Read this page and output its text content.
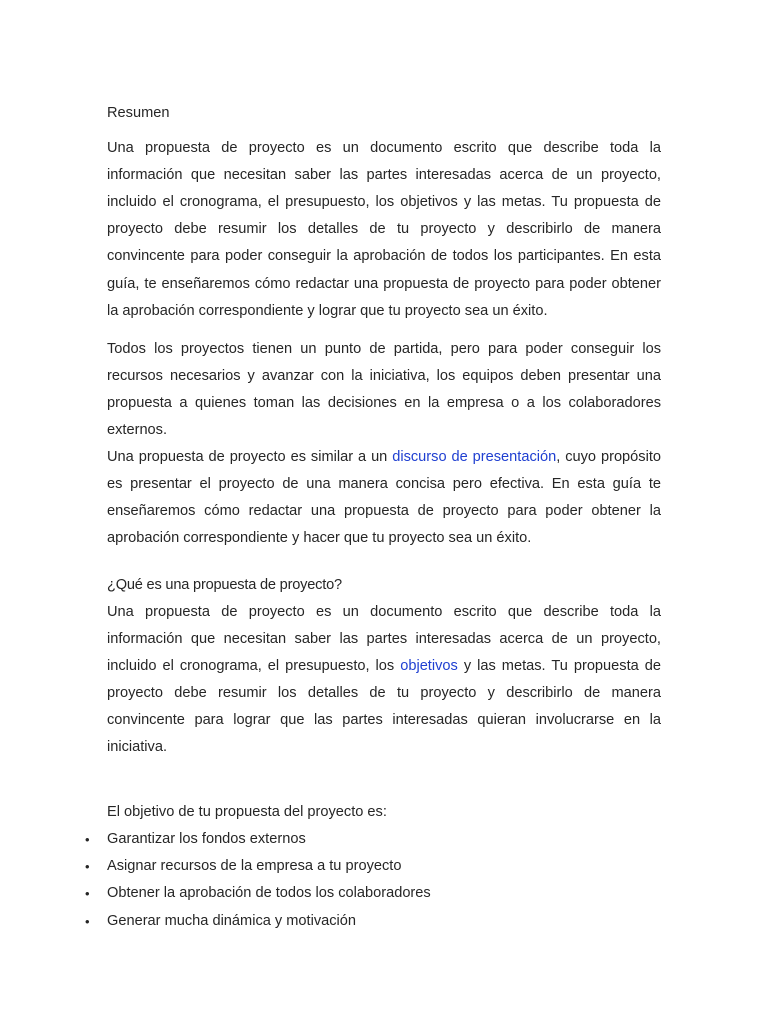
Resumen

Una propuesta de proyecto es un documento escrito que describe toda la información que necesitan saber las partes interesadas acerca de un proyecto, incluido el cronograma, el presupuesto, los objetivos y las metas. Tu propuesta de proyecto debe resumir los detalles de tu proyecto y describirlo de manera convincente para poder conseguir la aprobación de todos los participantes. En esta guía, te enseñaremos cómo redactar una propuesta de proyecto para poder obtener la aprobación correspondiente y lograr que tu proyecto sea un éxito.

Todos los proyectos tienen un punto de partida, pero para poder conseguir los recursos necesarios y avanzar con la iniciativa, los equipos deben presentar una propuesta a quienes toman las decisiones en la empresa o a los colaboradores externos.

Una propuesta de proyecto es similar a un discurso de presentación, cuyo propósito es presentar el proyecto de una manera concisa pero efectiva. En esta guía te enseñaremos cómo redactar una propuesta de proyecto para poder obtener la aprobación correspondiente y hacer que tu proyecto sea un éxito.

¿Qué es una propuesta de proyecto?

Una propuesta de proyecto es un documento escrito que describe toda la información que necesitan saber las partes interesadas acerca de un proyecto, incluido el cronograma, el presupuesto, los objetivos y las metas. Tu propuesta de proyecto debe resumir los detalles de tu proyecto y describirlo de manera convincente para lograr que las partes interesadas quieran involucrarse en la iniciativa.

El objetivo de tu propuesta del proyecto es:

• Garantizar los fondos externos
• Asignar recursos de la empresa a tu proyecto
• Obtener la aprobación de todos los colaboradores
• Generar mucha dinámica y motivación
